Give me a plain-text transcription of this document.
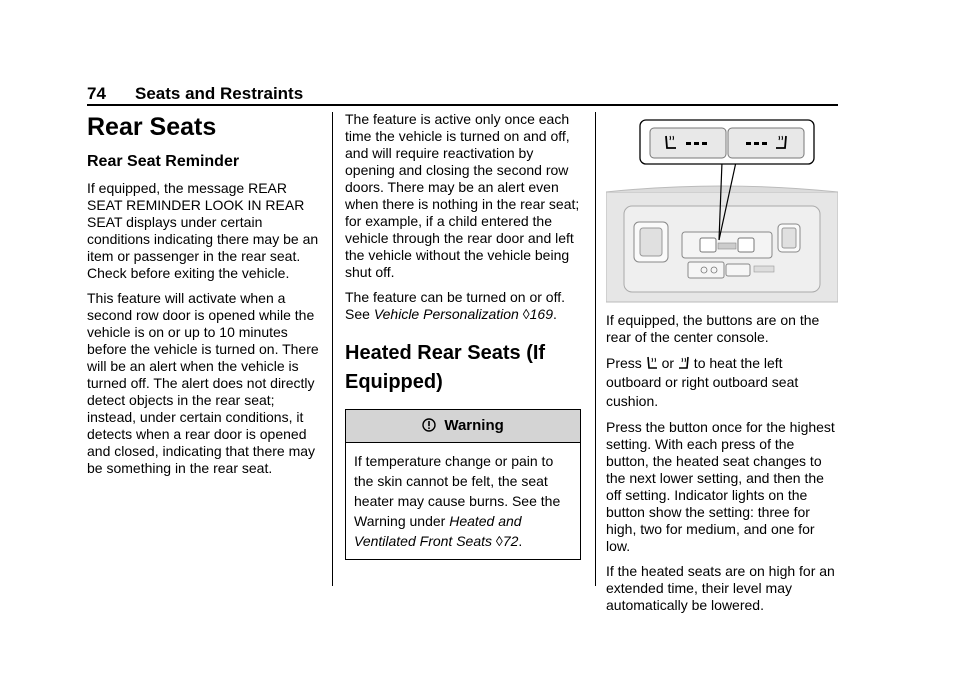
74 Seats and Restraints
Rear Seats
Rear Seat Reminder

If equipped, the message REAR SEAT REMINDER LOOK IN REAR SEAT displays under certain conditions indicating there may be an item or passenger in the rear seat. Check before exiting the vehicle.

This feature will activate when a second row door is opened while the vehicle is on or up to 10 minutes before the vehicle is turned on. There will be an alert when the vehicle is turned off. The alert does not directly detect objects in the rear seat; instead, under certain conditions, it detects when a rear door is opened and closed, indicating that there may be something in the rear seat.

The feature is active only once each time the vehicle is turned on and off, and will require reactivation by opening and closing the second row doors. There may be an alert even when there is nothing in the rear seat; for example, if a child entered the vehicle through the rear door and left the vehicle without the vehicle being shut off.

The feature can be turned on or off. See Vehicle Personalization ◊169.

Heated Rear Seats (If Equipped)
Warning
If temperature change or pain to the skin cannot be felt, the seat heater may cause burns. See the Warning under Heated and Ventilated Front Seats ◊72.

If equipped, the buttons are on the rear of the center console.

Press  or  to heat the left outboard or right outboard seat cushion.

Press the button once for the highest setting. With each press of the button, the heated seat changes to the next lower setting, and then the off setting. Indicator lights on the button show the setting: three for high, two for medium, and one for low.

If the heated seats are on high for an extended time, their level may automatically be lowered.
